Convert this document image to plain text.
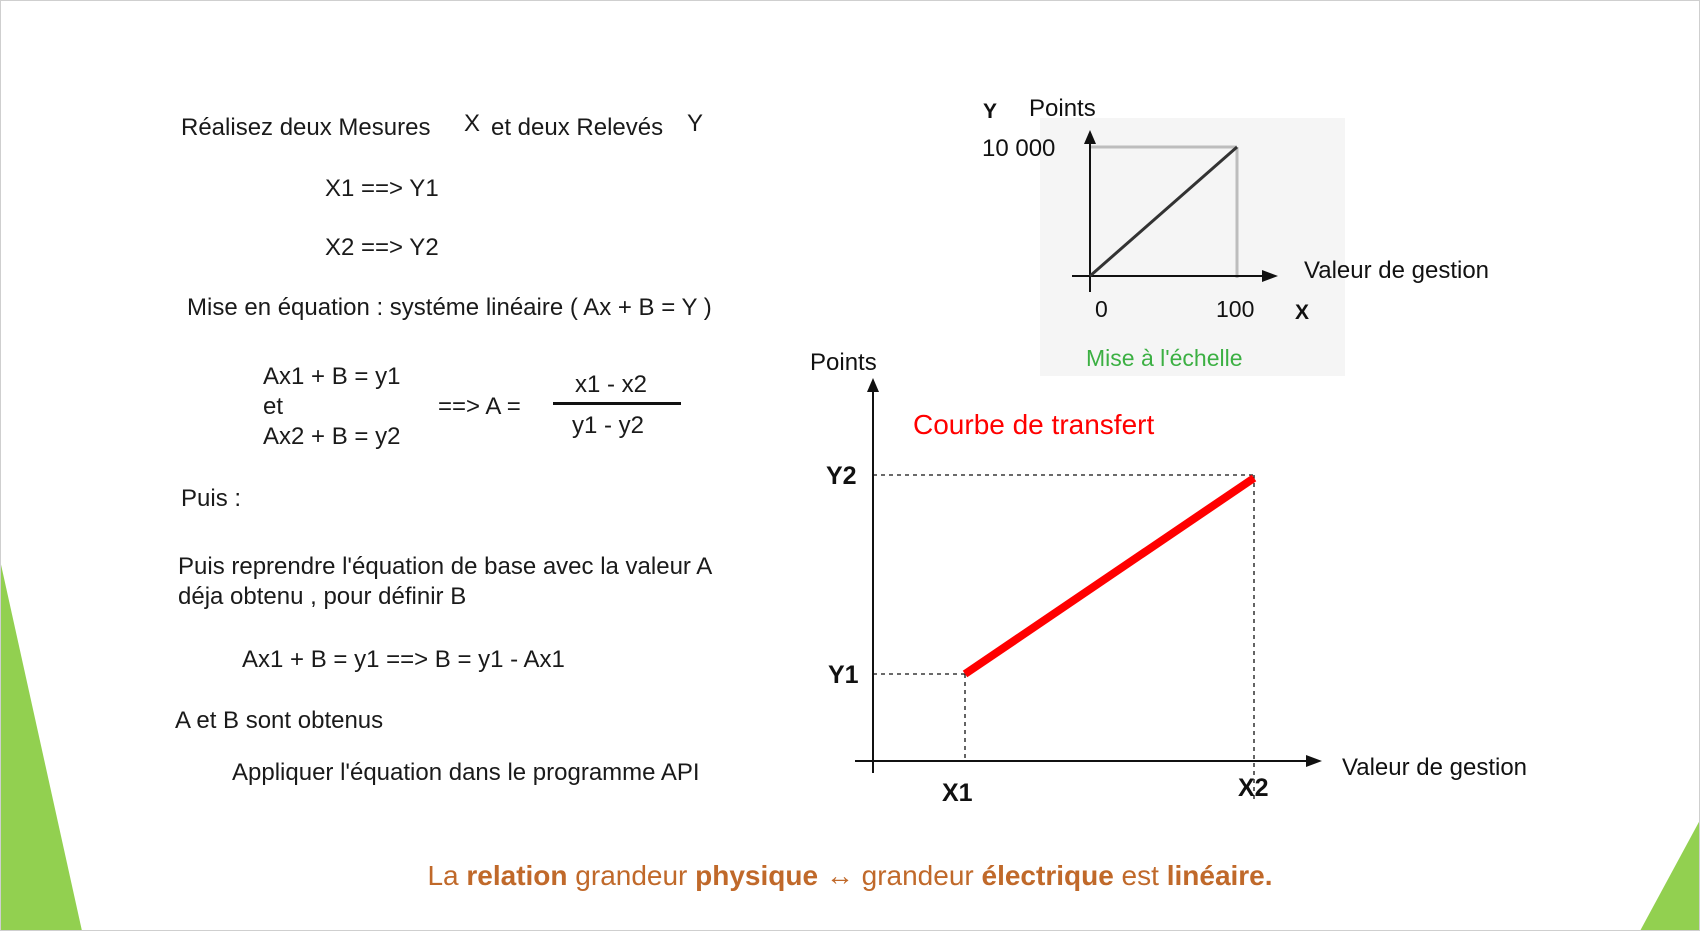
Réalisez deux Mesures X et deux Relevés Y
X1 ==> Y1
X2 ==> Y2
Mise en équation : systéme linéaire ( Ax + B = Y )
Ax1 + B = y1
et
Ax2 + B = y2
==> A =
x1 - x2
y1 - y2
Puis :
Puis reprendre l'équation de base avec la valeur A
déja obtenu , pour définir B
Ax1 + B = y1 ==> B = y1 - Ax1
A et B sont obtenus
Appliquer l'équation dans le programme API
Y Points
10 000
0	100 X
Valeur de gestion
Mise à l'échelle
Points
Courbe de transfert
Y2
Y1
X1	X2
Valeur de gestion
La relation grandeur physique ↔ grandeur électrique est linéaire.
